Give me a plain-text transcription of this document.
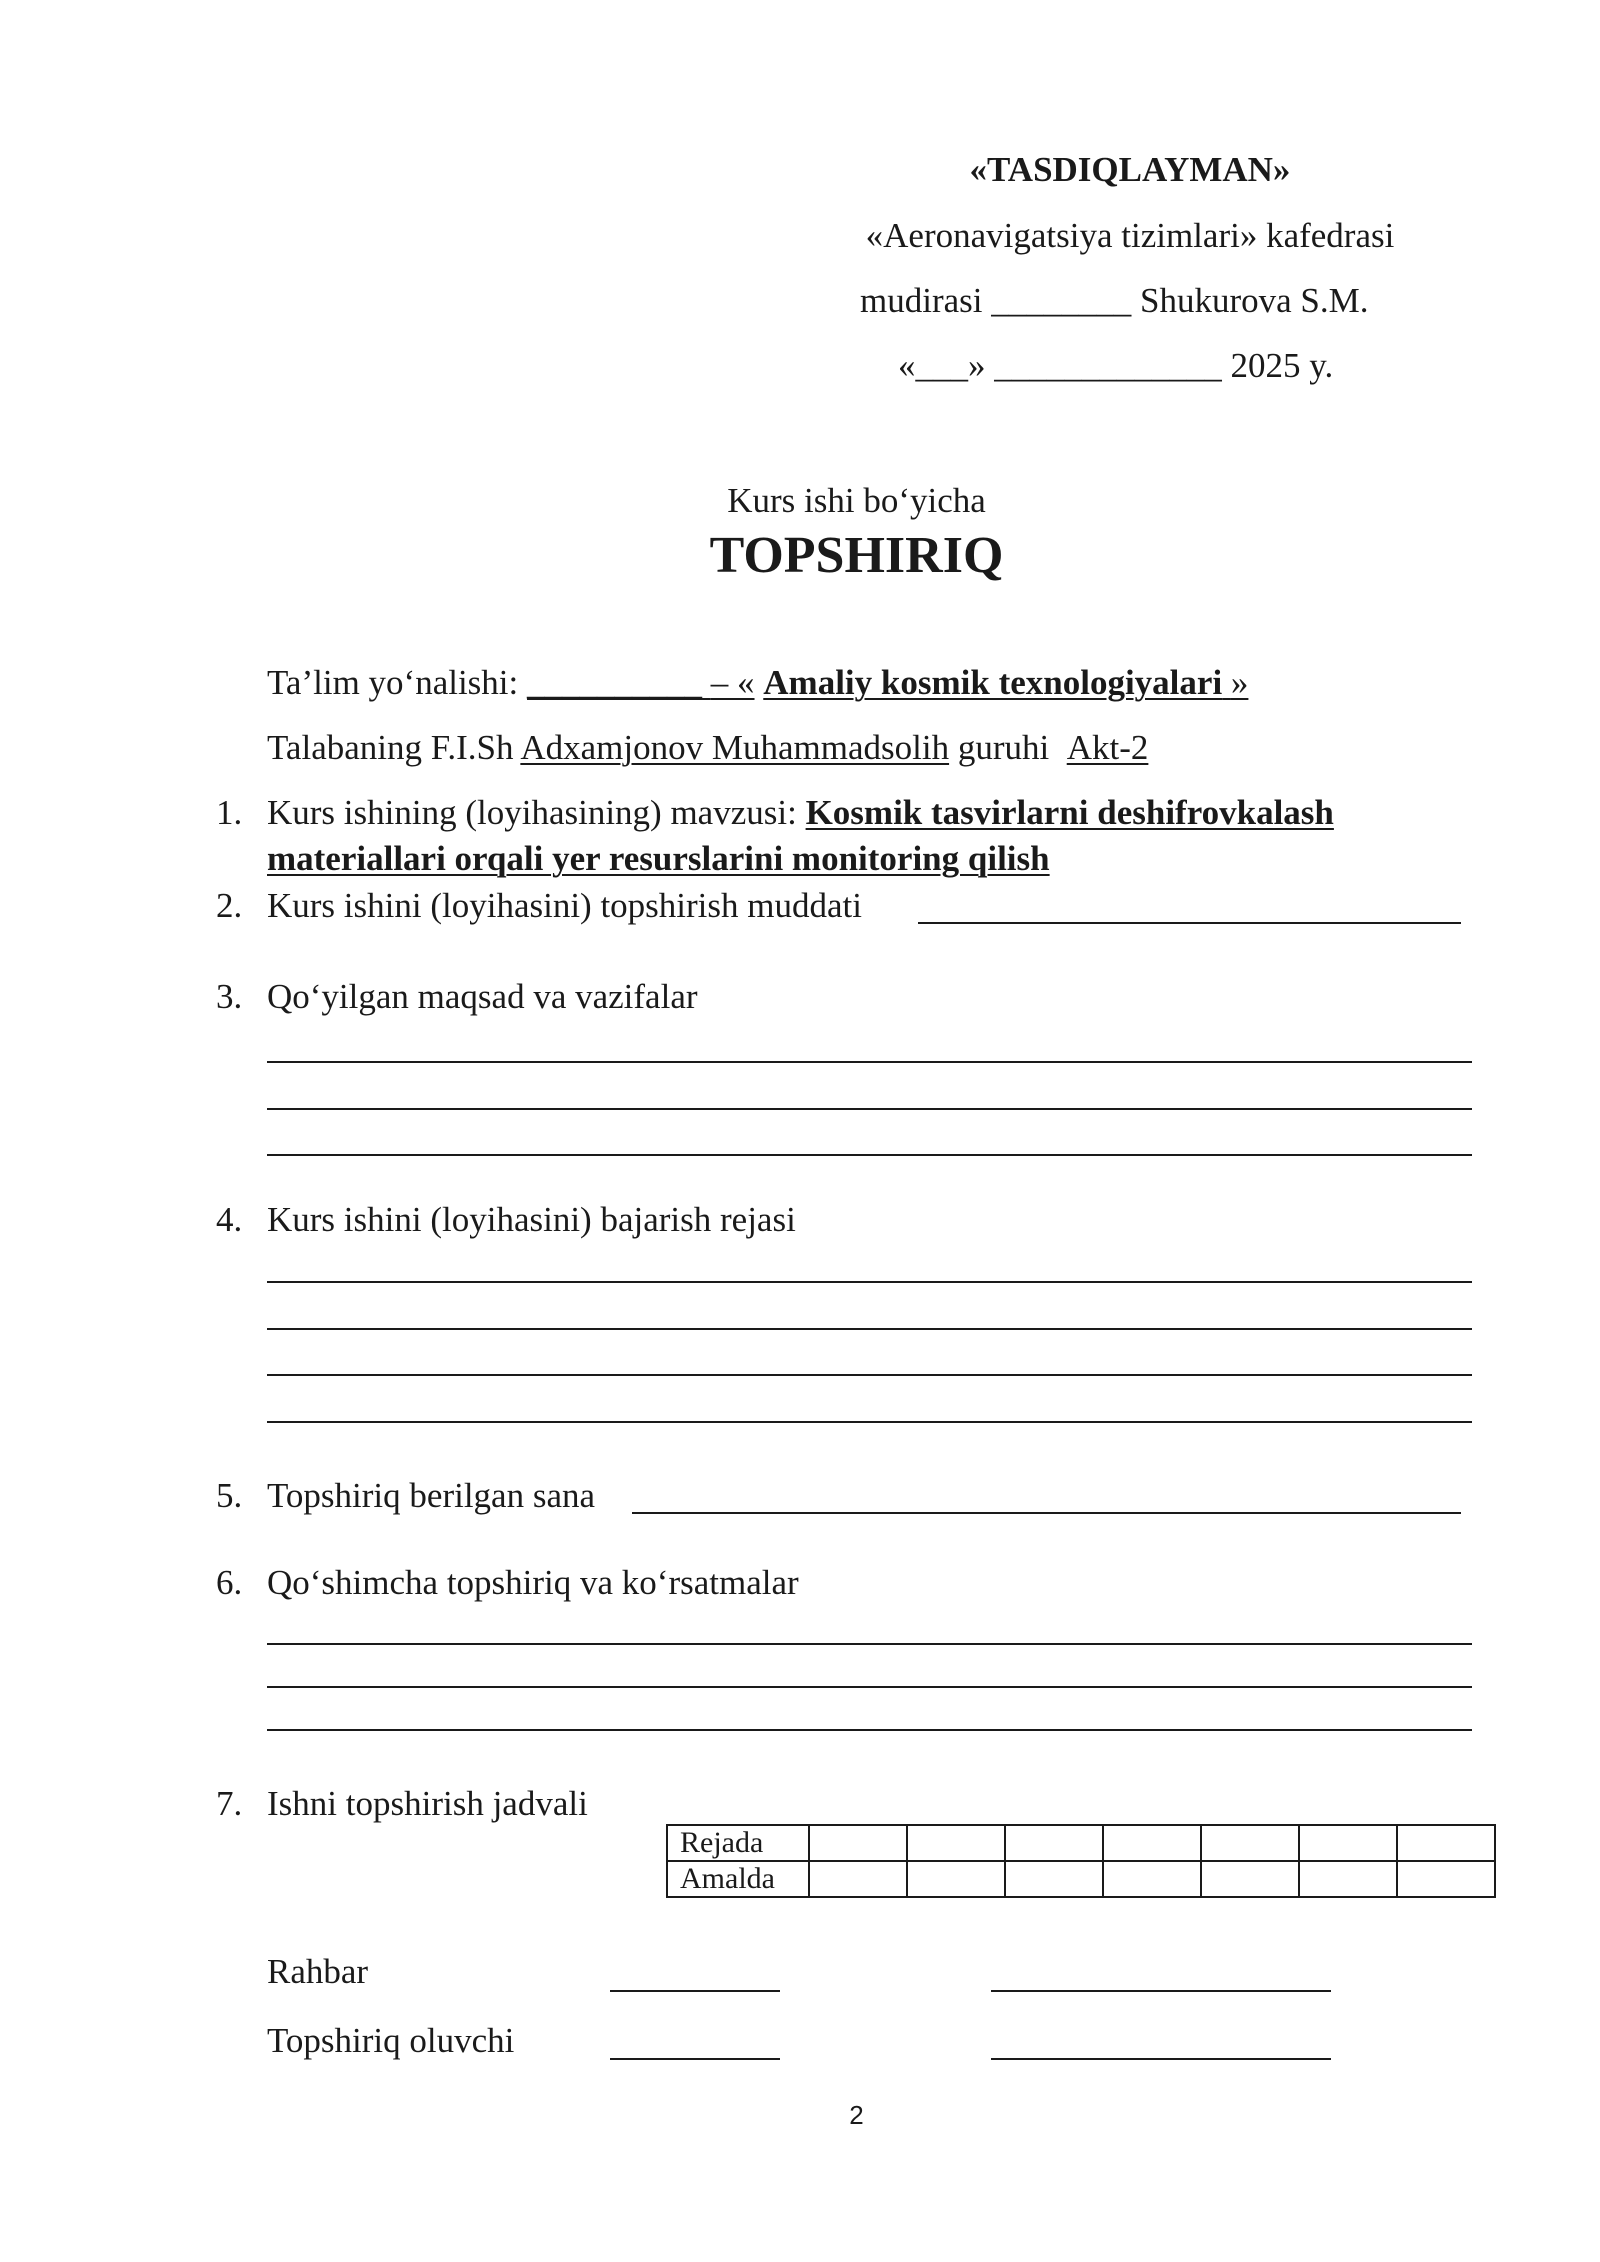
«TASDIQLAYMAN»
«Aeronavigatsiya tizimlari» kafedrasi
mudirasi ________ Shukurova S.M.
«___» _____________ 2025 y.
Kurs ishi bo‘yicha
TOPSHIRIQ
Ta’lim yo‘nalishi: __________ – « Amaliy kosmik texnologiyalari »
Talabaning F.I.Sh Adxamjonov Muhammadsolih guruhi Akt-2
1. Kurs ishining (loyihasining) mavzusi: Kosmik tasvirlarni deshifrovkalash
materiallari orqali yer resurslarini monitoring qilish
2. Kurs ishini (loyihasini) topshirish muddati
3. Qo‘yilgan maqsad va vazifalar
4. Kurs ishini (loyihasini) bajarish rejasi
5. Topshiriq berilgan sana
6. Qo‘shimcha topshiriq va ko‘rsatmalar
7. Ishni topshirish jadvali
Rejada							
Amalda							
Rahbar
Topshiriq oluvchi
2
